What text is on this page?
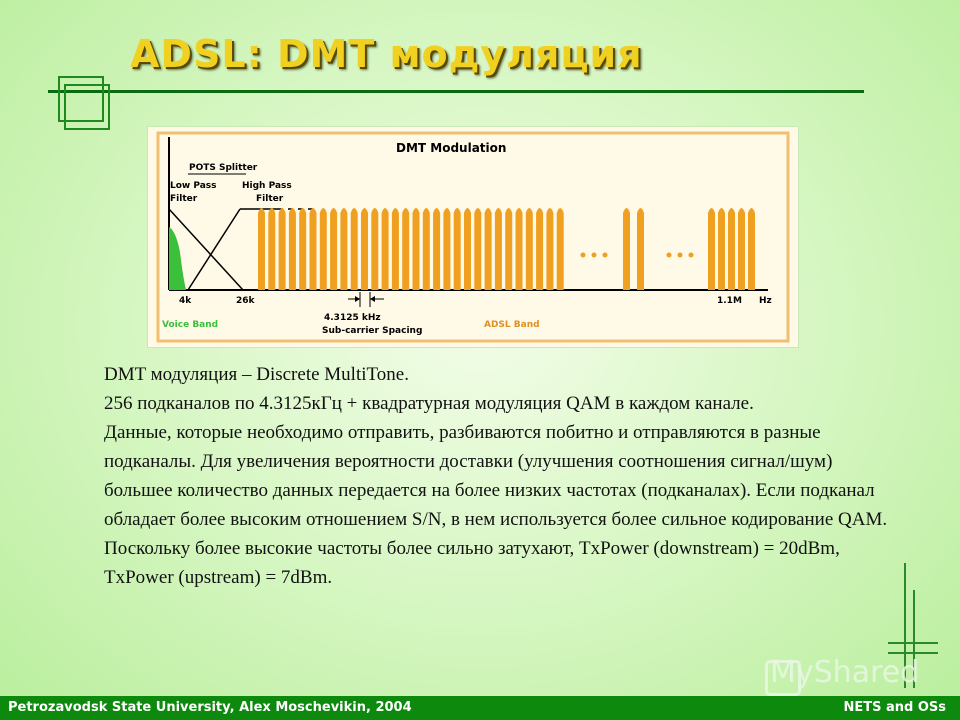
ADSL: DMT модуляция
DMT Modulation
POTS Splitter
Low Pass
Filter
High Pass
Filter
4k	26k	1.1M Hz
4.3125 kHz
Sub-carrier Spacing
Voice Band	ADSL Band

DMT модуляция – Discrete MultiTone.

256 подканалов по 4.3125кГц + квадратурная модуляция QAM в каждом канале.

Данные, которые необходимо отправить, разбиваются побитно и отправляются в разные подканалы. Для увеличения вероятности доставки (улучшения соотношения сигнал/шум) большее количество данных передается на более низких частотах (подканалах). Если подканал обладает более высоким отношением S/N, в нем используется более сильное кодирование QAM.

Поскольку более высокие частоты более сильно затухают, TxPower (downstream) = 20dBm, TxPower (upstream) = 7dBm.

MyShared
Petrozavodsk State University, Alex Moschevikin, 2004	NETS and OSs
